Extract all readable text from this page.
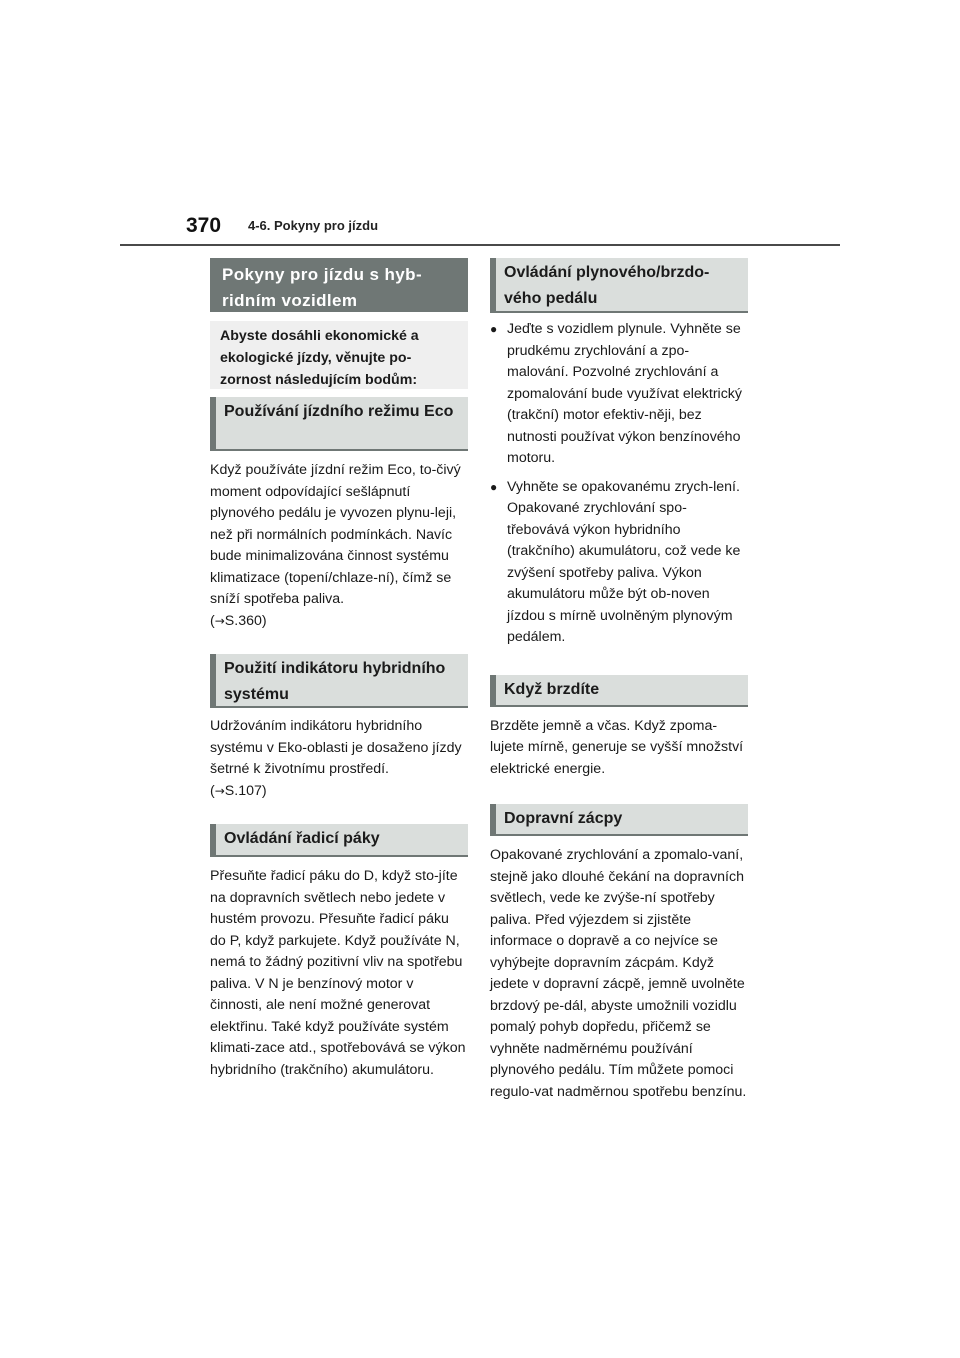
370 4-6. Pokyny pro jízdu
Pokyny pro jízdu s hyb-ridním vozidlem
Abyste dosáhli ekonomické a ekologické jízdy, věnujte po-zornost následujícím bodům:
Používání jízdního režimu Eco

Když používáte jízdní režim Eco, to-čivý moment odpovídající sešlápnutí plynového pedálu je vyvozen plynu-leji, než při normálních podmínkách. Navíc bude minimalizována činnost systému klimatizace (topení/chlaze-ní), čímž se sníží spotřeba paliva.
(→S.360)

Použití indikátoru hybridního systému

Udržováním indikátoru hybridního systému v Eko-oblasti je dosaženo jízdy šetrné k životnímu prostředí.
(→S.107)

Ovládání řadicí páky

Přesuňte řadicí páku do D, když sto-jíte na dopravních světlech nebo jedete v hustém provozu. Přesuňte řadicí páku do P, když parkujete. Když používáte N, nemá to žádný pozitivní vliv na spotřebu paliva. V N je benzínový motor v činnosti, ale není možné generovat elektřinu. Také když používáte systém klimati-zace atd., spotřebovává se výkon hybridního (trakčního) akumulátoru.

Ovládání plynového/brzdo-vého pedálu
● Jeďte s vozidlem plynule. Vyhněte se prudkému zrychlování a zpo-malování. Pozvolné zrychlování a zpomalování bude využívat elektrický (trakční) motor efektiv-něji, bez nutnosti používat výkon benzínového motoru.
● Vyhněte se opakovanému zrych-lení. Opakované zrychlování spo-třebovává výkon hybridního (trakčního) akumulátoru, což vede ke zvýšení spotřeby paliva. Výkon akumulátoru může být ob-noven jízdou s mírně uvolněným plynovým pedálem.
Když brzdíte

Brzděte jemně a včas. Když zpoma-lujete mírně, generuje se vyšší množství elektrické energie.

Dopravní zácpy

Opakované zrychlování a zpomalo-vaní, stejně jako dlouhé čekání na dopravních světlech, vede ke zvýše-ní spotřeby paliva. Před výjezdem si zjistěte informace o dopravě a co nejvíce se vyhýbejte dopravním zácpám. Když jedete v dopravní zácpě, jemně uvolněte brzdový pe-dál, abyste umožnili vozidlu pomalý pohyb dopředu, přičemž se vyhněte nadměrnému používání plynového pedálu. Tím můžete pomoci regulo-vat nadměrnou spotřebu benzínu.
